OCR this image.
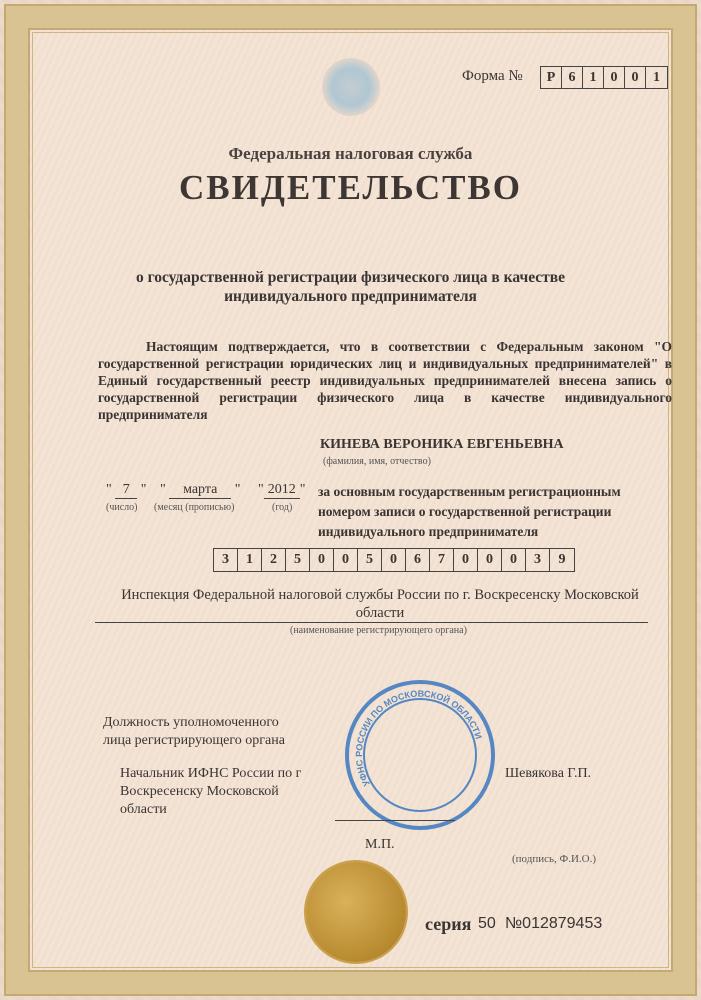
Форма №	Р 6	1	0	0	1
Федеральная налоговая служба
СВИДЕТЕЛЬСТВО
о государственной регистрации физического лица в качестве
индивидуального предпринимателя
Настоящим подтверждается, что в соответствии с Федеральным законом "О государственной регистрации юридических лиц и индивидуальных предпринимателей" в Единый государственный реестр индивидуальных предпринимателей внесена запись о государственной регистрации физического лица в качестве индивидуального предпринимателя
КИНЕВА ВЕРОНИКА ЕВГЕНЬЕВНА
(фамилия, имя, отчество)
" 7 " " марта " " 2012 "
(число) (месяц (прописью)	(год)
за основным государственным регистрационным номером записи о государственной регистрации индивидуального предпринимателя
3	1	2	5	0	0	5	0	6	7	0	0	0	3	9
Инспекция Федеральной налоговой службы России по г. Воскресенску Московской области
(наименование регистрирующего органа)
Должность уполномоченного
лица регистрирующего органа
Начальник ИФНС России по г
Воскресенску Московской
области
УФНС РОССИИ ПО МОСКОВСКОЙ ОБЛАСТИ
Шевякова Г.П.
М.П.
(подпись, Ф.И.О.)
серия 50 №012879453
